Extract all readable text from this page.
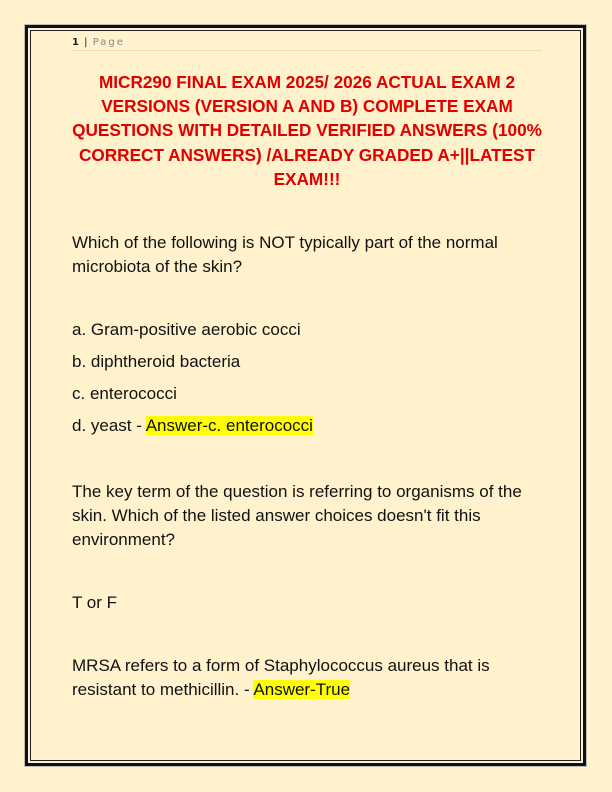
1 | Page
MICR290 FINAL EXAM 2025/ 2026 ACTUAL EXAM 2 VERSIONS (VERSION A AND B) COMPLETE EXAM QUESTIONS WITH DETAILED VERIFIED ANSWERS (100% CORRECT ANSWERS) /ALREADY GRADED A+||LATEST EXAM!!!

Which of the following is NOT typically part of the normal microbiota of the skin?

a. Gram-positive aerobic cocci

b. diphtheroid bacteria

c. enterococci

d. yeast - Answer-c. enterococci

The key term of the question is referring to organisms of the skin. Which of the listed answer choices doesn't fit this environment?

T or F

MRSA refers to a form of Staphylococcus aureus that is resistant to methicillin. - Answer-True
